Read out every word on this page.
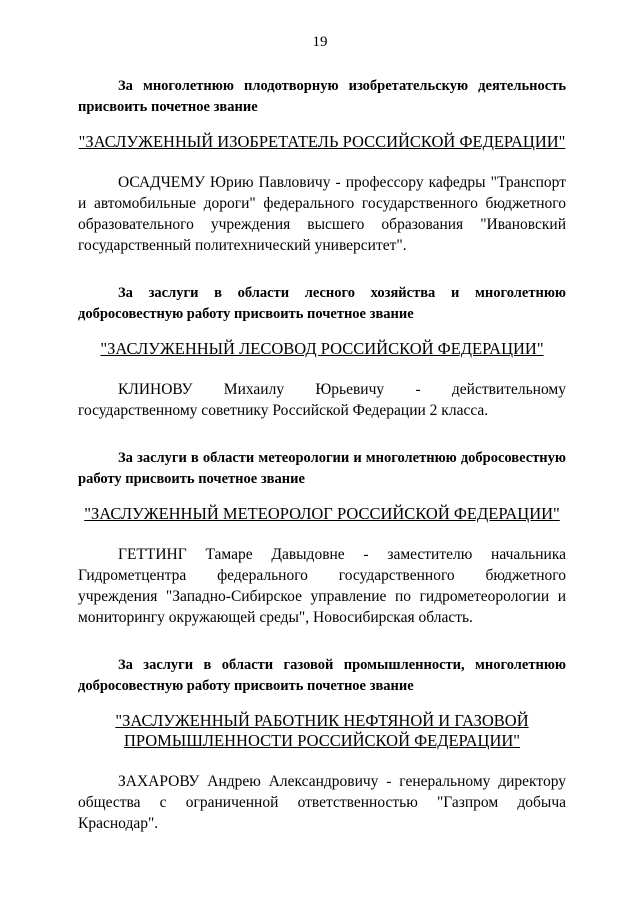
19

За многолетнюю плодотворную изобретательскую деятельность присвоить почетное звание

"ЗАСЛУЖЕННЫЙ ИЗОБРЕТАТЕЛЬ РОССИЙСКОЙ ФЕДЕРАЦИИ"

ОСАДЧЕМУ Юрию Павловичу - профессору кафедры "Транспорт и автомобильные дороги" федерального государственного бюджетного образовательного учреждения высшего образования "Ивановский государственный политехнический университет".

За заслуги в области лесного хозяйства и многолетнюю добросовестную работу присвоить почетное звание

"ЗАСЛУЖЕННЫЙ ЛЕСОВОД РОССИЙСКОЙ ФЕДЕРАЦИИ"

КЛИНОВУ Михаилу Юрьевичу - действительному государственному советнику Российской Федерации 2 класса.

За заслуги в области метеорологии и многолетнюю добросовестную работу присвоить почетное звание

"ЗАСЛУЖЕННЫЙ МЕТЕОРОЛОГ РОССИЙСКОЙ ФЕДЕРАЦИИ"

ГЕТТИНГ Тамаре Давыдовне - заместителю начальника Гидрометцентра федерального государственного бюджетного учреждения "Западно-Сибирское управление по гидрометеорологии и мониторингу окружающей среды", Новосибирская область.

За заслуги в области газовой промышленности, многолетнюю добросовестную работу присвоить почетное звание

"ЗАСЛУЖЕННЫЙ РАБОТНИК НЕФТЯНОЙ И ГАЗОВОЙ
ПРОМЫШЛЕННОСТИ РОССИЙСКОЙ ФЕДЕРАЦИИ"

ЗАХАРОВУ Андрею Александровичу - генеральному директору общества с ограниченной ответственностью "Газпром добыча Краснодар".
